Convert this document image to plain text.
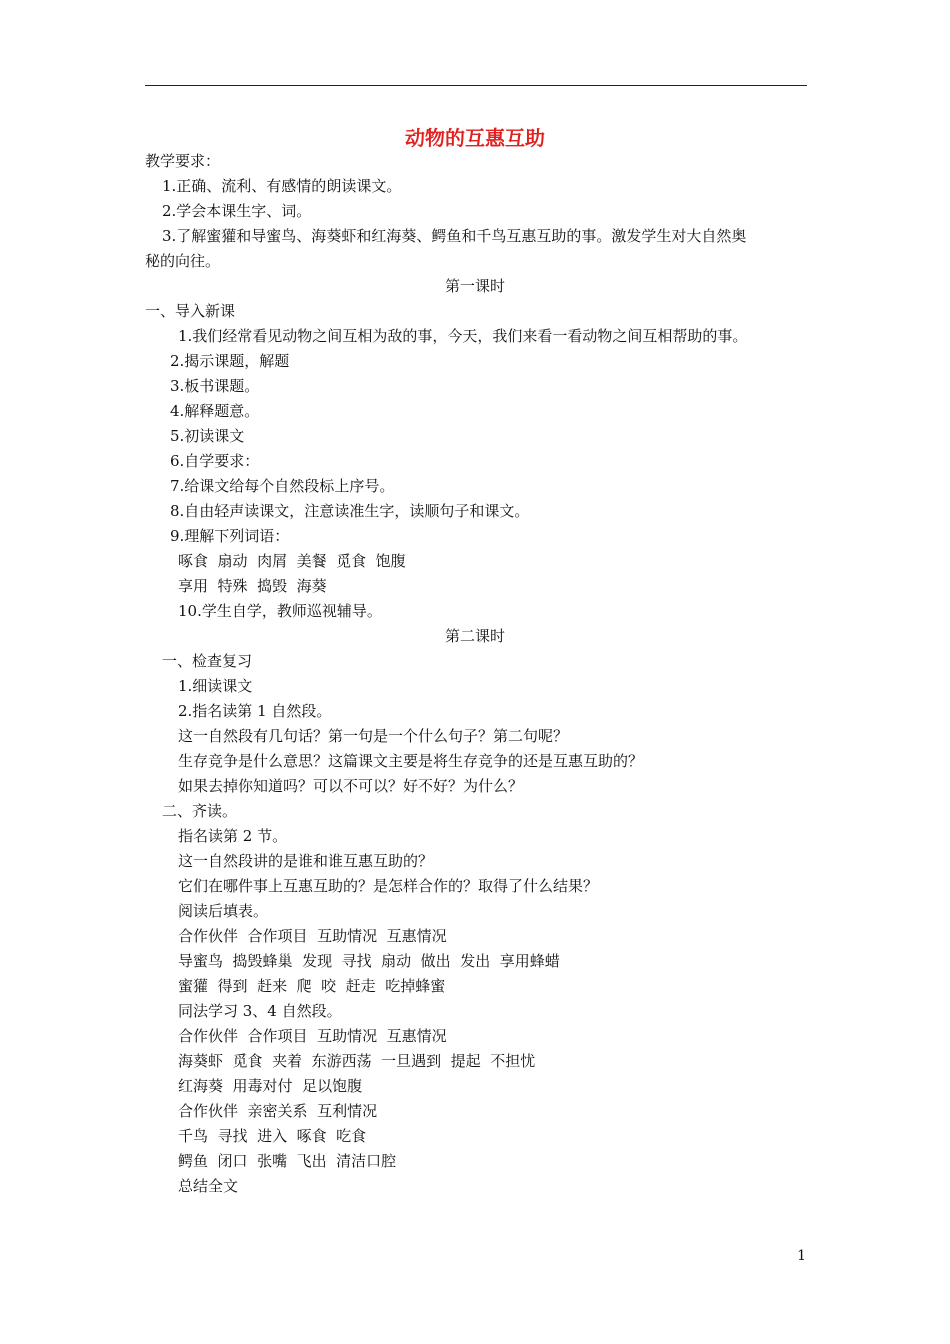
动物的互惠互助
教学要求：
1.正确、流利、有感情的朗读课文。
2.学会本课生字、词。
3.了解蜜獾和导蜜鸟、海葵虾和红海葵、鳄鱼和千鸟互惠互助的事。激发学生对大自然奥
秘的向往。
第一课时
一、导入新课
1.我们经常看见动物之间互相为敌的事，今天，我们来看一看动物之间互相帮助的事。
2.揭示课题，解题
3.板书课题。
4.解释题意。
5.初读课文
6.自学要求：
7.给课文给每个自然段标上序号。
8.自由轻声读课文，注意读准生字，读顺句子和课文。
9.理解下列词语：
啄食  扇动  肉屑  美餐  觅食  饱腹
享用  特殊  捣毁  海葵
10.学生自学，教师巡视辅导。
第二课时
一、检查复习
1.细读课文
2.指名读第 1 自然段。
这一自然段有几句话？第一句是一个什么句子？第二句呢？
生存竞争是什么意思？这篇课文主要是将生存竞争的还是互惠互助的？
如果去掉你知道吗？可以不可以？好不好？为什么？
二、齐读。
指名读第 2 节。
这一自然段讲的是谁和谁互惠互助的？
它们在哪件事上互惠互助的？是怎样合作的？取得了什么结果？
阅读后填表。
合作伙伴  合作项目  互助情况  互惠情况
导蜜鸟  捣毁蜂巢  发现  寻找  扇动  做出  发出  享用蜂蜡
蜜獾  得到  赶来  爬  咬  赶走  吃掉蜂蜜
同法学习 3、4 自然段。
合作伙伴  合作项目  互助情况  互惠情况
海葵虾  觅食  夹着  东游西荡  一旦遇到  提起  不担忧
红海葵  用毒对付  足以饱腹
合作伙伴  亲密关系  互利情况
千鸟  寻找  进入  啄食  吃食
鳄鱼  闭口  张嘴  飞出  清洁口腔
总结全文
1
